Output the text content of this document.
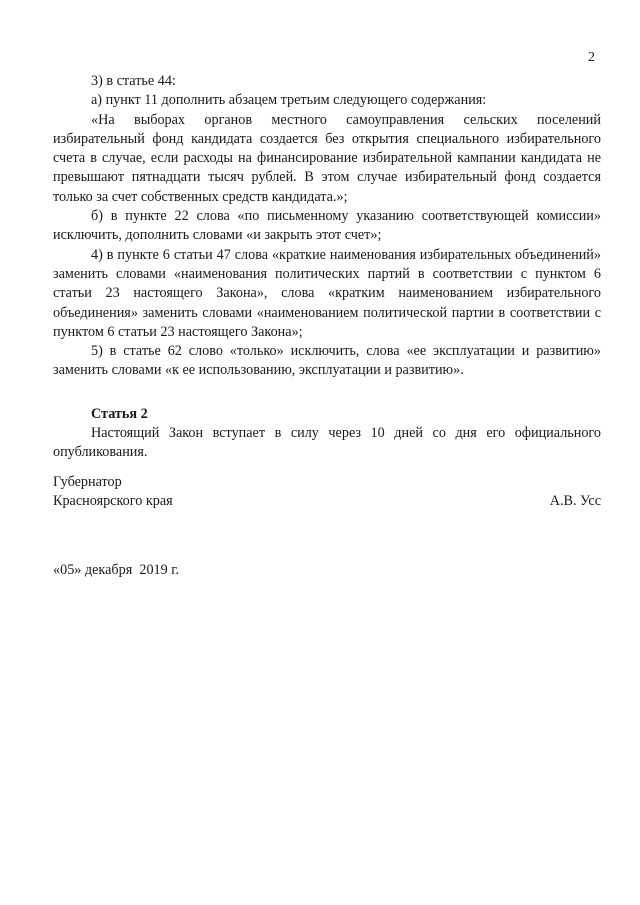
2

3) в статье 44:

а) пункт 11 дополнить абзацем третьим следующего содержания:

«На выборах органов местного самоуправления сельских поселений избирательный фонд кандидата создается без открытия специального избирательного счета в случае, если расходы на финансирование избирательной кампании кандидата не превышают пятнадцати тысяч рублей. В этом случае избирательный фонд создается только за счет собственных средств кандидата.»;

б) в пункте 22 слова «по письменному указанию соответствующей комиссии» исключить, дополнить словами «и закрыть этот счет»;

4) в пункте 6 статьи 47 слова «краткие наименования избирательных объединений» заменить словами «наименования политических партий в соответствии с пунктом 6 статьи 23 настоящего Закона», слова «кратким наименованием избирательного объединения» заменить словами «наименованием политической партии в соответствии с пунктом 6 статьи 23 настоящего Закона»;

5) в статье 62 слово «только» исключить, слова «ее эксплуатации и развитию» заменить словами «к ее использованию, эксплуатации и развитию».

Статья 2

Настоящий Закон вступает в силу через 10 дней со дня его официального опубликования.

Губернатор

Красноярского края	А.В. Усс
«05» декабря 2019 г.
